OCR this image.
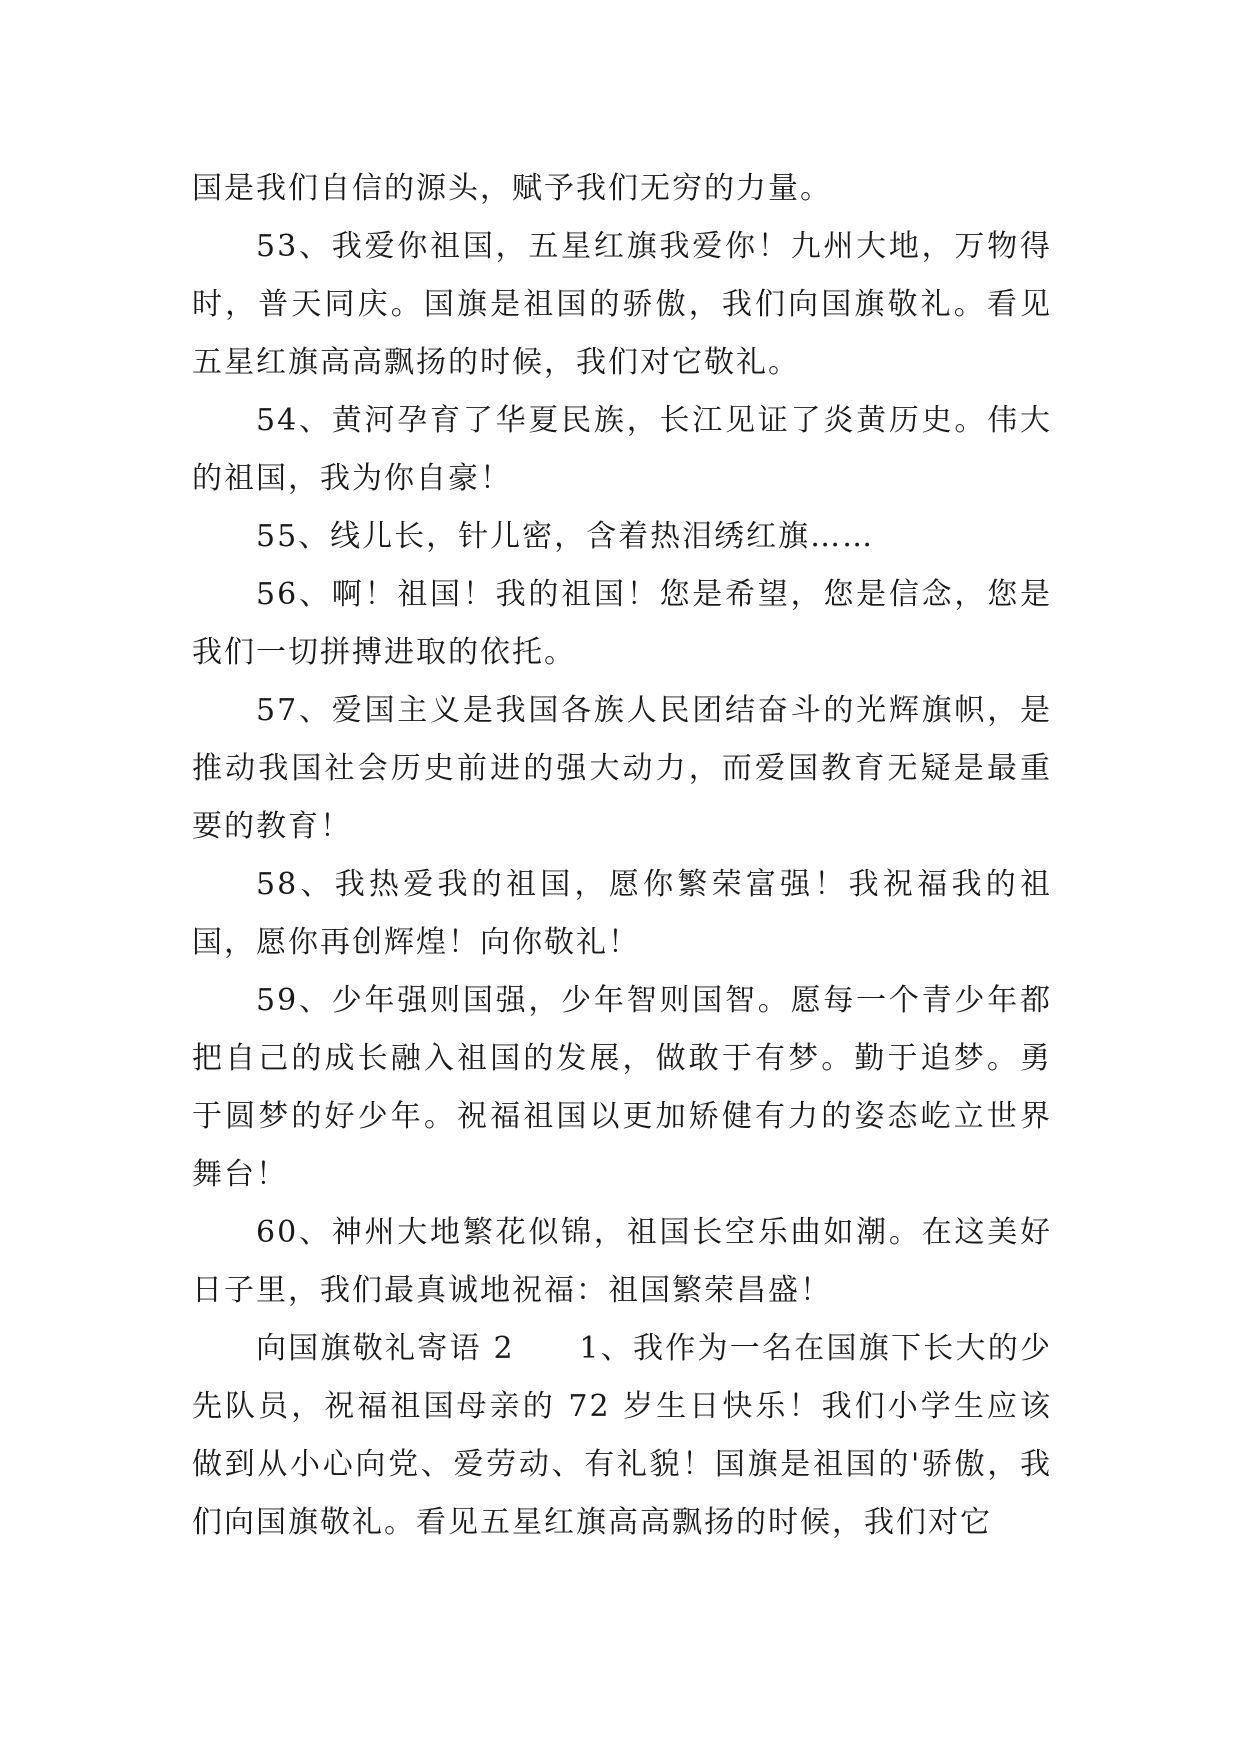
国是我们自信的源头，赋予我们无穷的力量。

53、我爱你祖国，五星红旗我爱你！九州大地，万物得时，普天同庆。国旗是祖国的骄傲，我们向国旗敬礼。看见五星红旗高高飘扬的时候，我们对它敬礼。

54、黄河孕育了华夏民族，长江见证了炎黄历史。伟大的祖国，我为你自豪！

55、线儿长，针儿密，含着热泪绣红旗……

56、啊！祖国！我的祖国！您是希望，您是信念，您是我们一切拼搏进取的依托。

57、爱国主义是我国各族人民团结奋斗的光辉旗帜，是推动我国社会历史前进的强大动力，而爱国教育无疑是最重要的教育！

58、我热爱我的祖国，愿你繁荣富强！我祝福我的祖国，愿你再创辉煌！向你敬礼！

59、少年强则国强，少年智则国智。愿每一个青少年都把自己的成长融入祖国的发展，做敢于有梦。勤于追梦。勇于圆梦的好少年。祝福祖国以更加矫健有力的姿态屹立世界舞台！

60、神州大地繁花似锦，祖国长空乐曲如潮。在这美好日子里，我们最真诚地祝福：祖国繁荣昌盛！

向国旗敬礼寄语 2　　1、我作为一名在国旗下长大的少先队员，祝福祖国母亲的 72 岁生日快乐！我们小学生应该做到从小心向党、爱劳动、有礼貌！国旗是祖国的'骄傲，我们向国旗敬礼。看见五星红旗高高飘扬的时候，我们对它
